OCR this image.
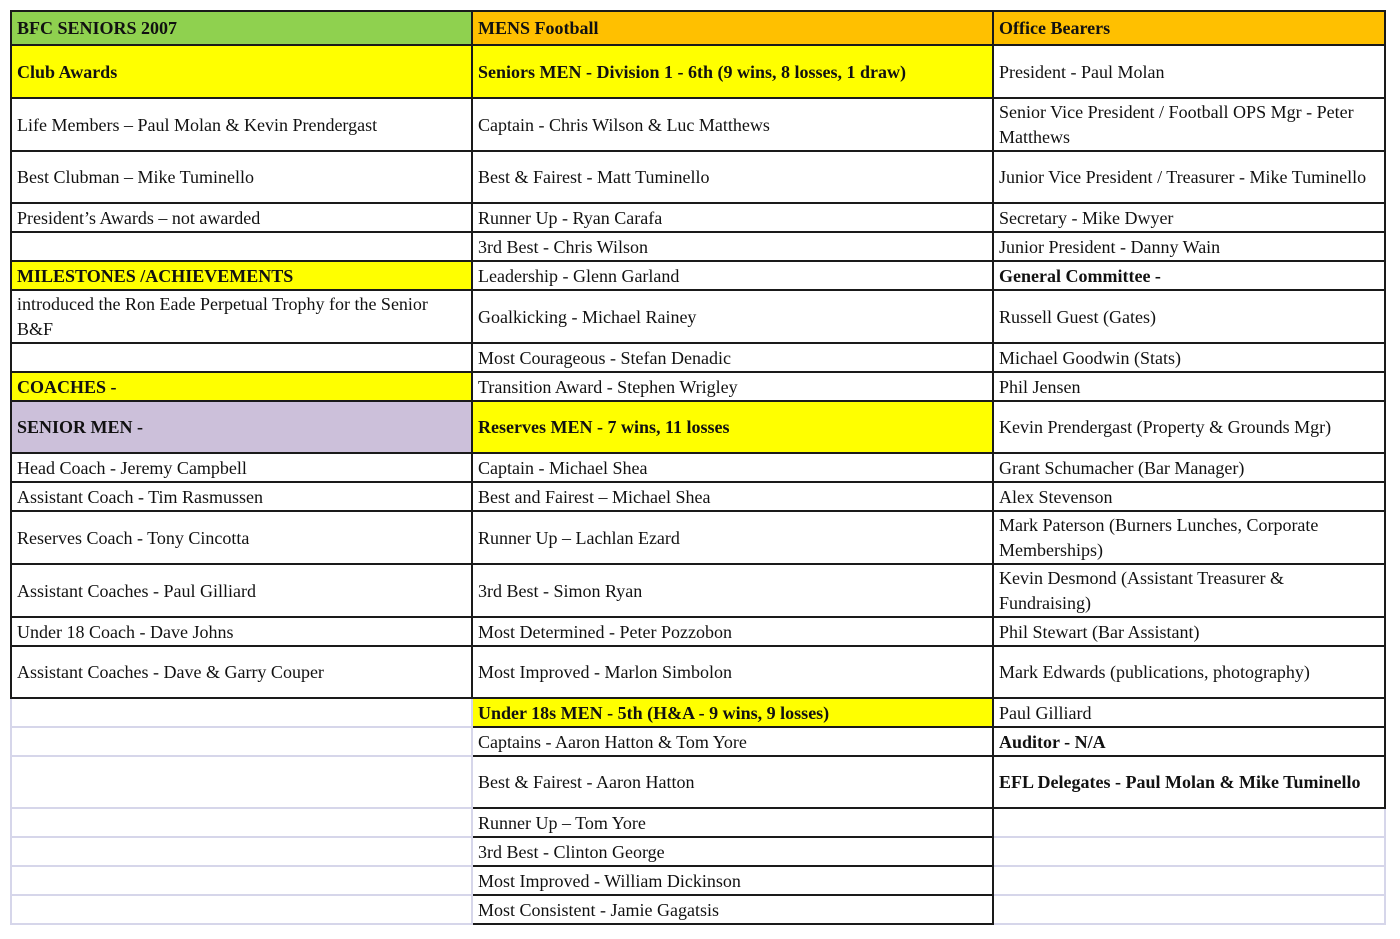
BFC SENIORS 2007	MENS Football	Office Bearers
Club Awards	Seniors MEN - Division 1 - 6th (9 wins, 8 losses, 1 draw)	President - Paul Molan
Life Members – Paul Molan & Kevin Prendergast	Captain - Chris Wilson & Luc Matthews	Senior Vice President / Football OPS Mgr - Peter Matthews
Best Clubman – Mike Tuminello	Best & Fairest - Matt Tuminello	Junior Vice President / Treasurer - Mike Tuminello
President’s Awards – not awarded	Runner Up - Ryan Carafa	Secretary - Mike Dwyer
	3rd Best - Chris Wilson	Junior President - Danny Wain
MILESTONES /ACHIEVEMENTS	Leadership - Glenn Garland	General Committee -
introduced the Ron Eade Perpetual Trophy for the Senior B&F	Goalkicking - Michael Rainey	Russell Guest (Gates)
	Most Courageous - Stefan Denadic	Michael Goodwin (Stats)
COACHES -	Transition Award - Stephen Wrigley	Phil Jensen
SENIOR MEN -	Reserves MEN - 7 wins, 11 losses	Kevin Prendergast (Property & Grounds Mgr)
Head Coach - Jeremy Campbell	Captain - Michael Shea	Grant Schumacher (Bar Manager)
Assistant Coach - Tim Rasmussen	Best and Fairest – Michael Shea	Alex Stevenson
Reserves Coach - Tony Cincotta	Runner Up – Lachlan Ezard	Mark Paterson (Burners Lunches, Corporate Memberships)
Assistant Coaches - Paul Gilliard	3rd Best - Simon Ryan	Kevin Desmond (Assistant Treasurer & Fundraising)
Under 18 Coach - Dave Johns	Most Determined - Peter Pozzobon	Phil Stewart (Bar Assistant)
Assistant Coaches - Dave & Garry Couper	Most Improved - Marlon Simbolon	Mark Edwards (publications, photography)
	Under 18s MEN - 5th (H&A - 9 wins, 9 losses)	Paul Gilliard
	Captains - Aaron Hatton & Tom Yore	Auditor - N/A
	Best & Fairest - Aaron Hatton	EFL Delegates - Paul Molan & Mike Tuminello
	Runner Up – Tom Yore	
	3rd Best - Clinton George	
	Most Improved - William Dickinson	
	Most Consistent - Jamie Gagatsis	
